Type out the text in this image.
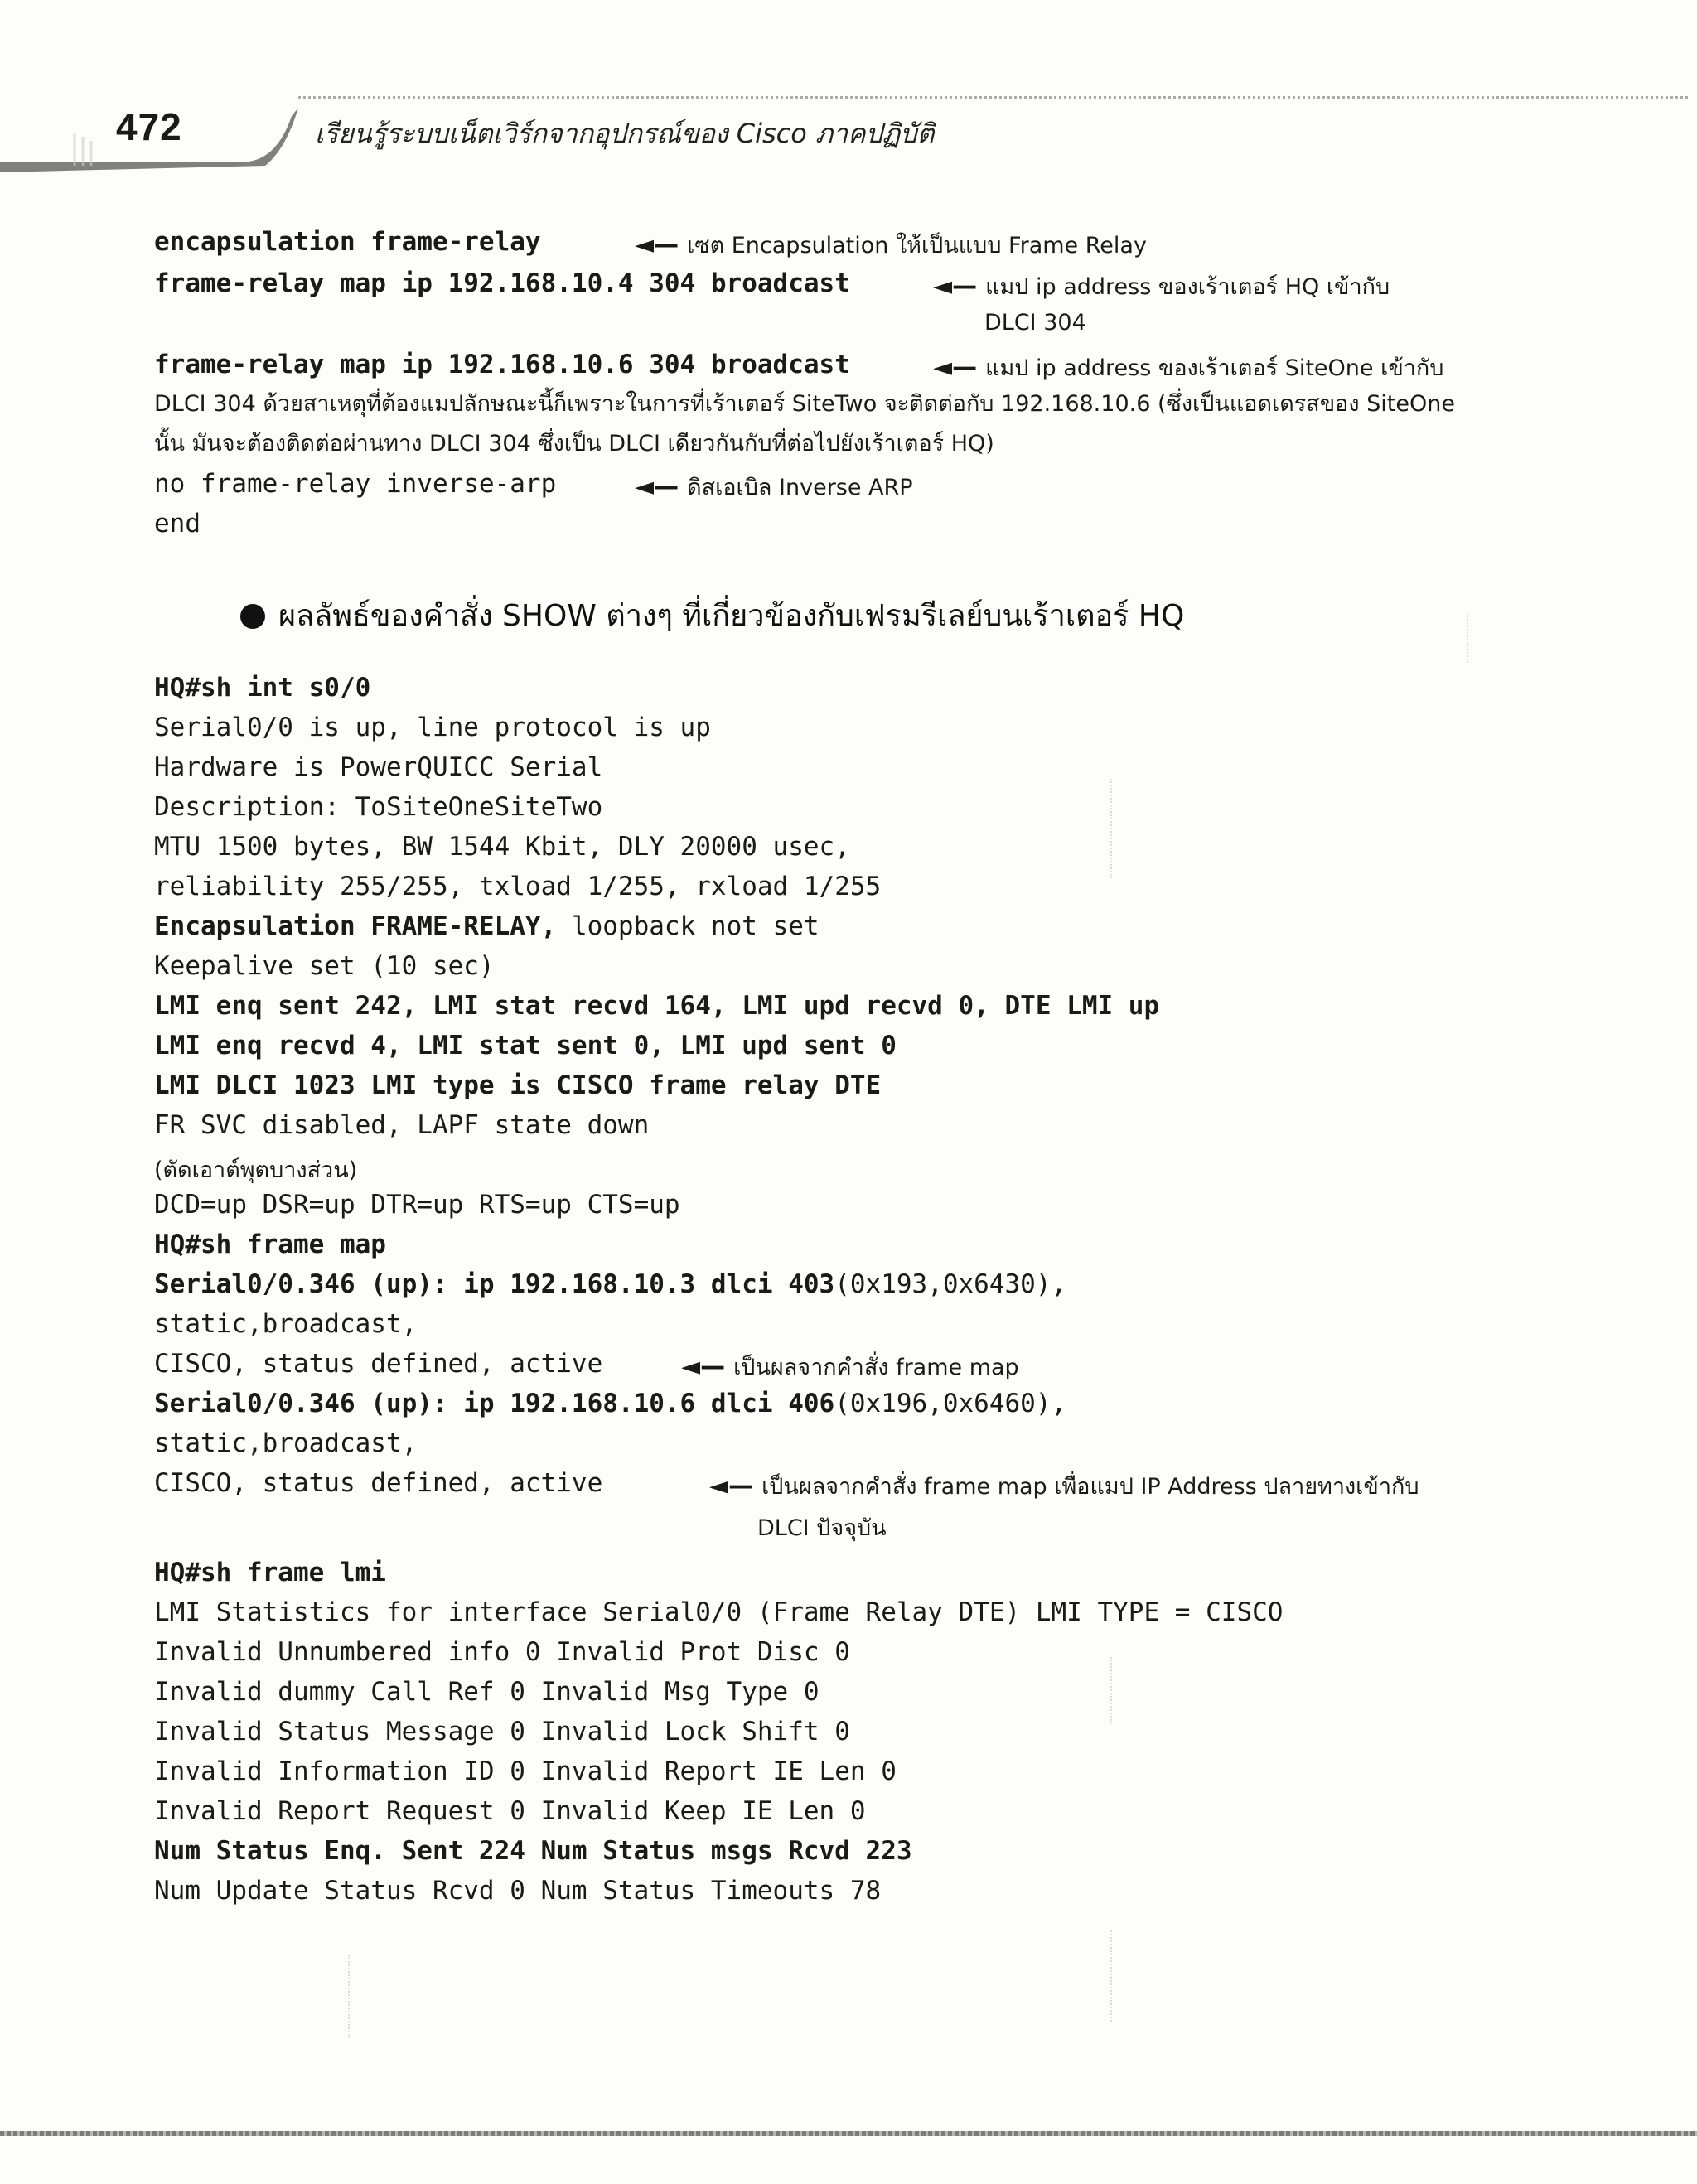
472	เรียนรู้ระบบเน็ตเวิร์กจากอุปกรณ์ของ Cisco ภาคปฏิบัติ
encapsulation frame-relay	◄— เซต Encapsulation ให้เป็นแบบ Frame Relay
frame-relay map ip 192.168.10.4 304 broadcast	◄— แมป ip address ของเร้าเตอร์ HQ เข้ากับ
DLCI 304
frame-relay map ip 192.168.10.6 304 broadcast	◄— แมป ip address ของเร้าเตอร์ SiteOne เข้ากับ
DLCI 304 ด้วยสาเหตุที่ต้องแมปลักษณะนี้ก็เพราะในการที่เร้าเตอร์ SiteTwo จะติดต่อกับ 192.168.10.6 (ซึ่งเป็นแอดเดรสของ SiteOne นั้น มันจะต้องติดต่อผ่านทาง DLCI 304 ซึ่งเป็น DLCI เดียวกันกับที่ต่อไปยังเร้าเตอร์ HQ)
no frame-relay inverse-arp	◄— ดิสเอเบิล Inverse ARP
end
ผลลัพธ์ของคำสั่ง SHOW ต่างๆ ที่เกี่ยวข้องกับเฟรมรีเลย์บนเร้าเตอร์ HQ
HQ#sh int s0/0
Serial0/0 is up, line protocol is up
Hardware is PowerQUICC Serial
Description: ToSiteOneSiteTwo
MTU 1500 bytes, BW 1544 Kbit, DLY 20000 usec,
reliability 255/255, txload 1/255, rxload 1/255
Encapsulation FRAME-RELAY, loopback not set
Keepalive set (10 sec)
LMI enq sent 242, LMI stat recvd 164, LMI upd recvd 0, DTE LMI up
LMI enq recvd 4, LMI stat sent 0, LMI upd sent 0
LMI DLCI 1023 LMI type is CISCO frame relay DTE
FR SVC disabled, LAPF state down
(ตัดเอาต์พุตบางส่วน)
DCD=up DSR=up DTR=up RTS=up CTS=up
HQ#sh frame map
Serial0/0.346 (up): ip 192.168.10.3 dlci 403(0x193,0x6430),
static,broadcast,
CISCO, status defined, active	◄— เป็นผลจากคำสั่ง frame map
Serial0/0.346 (up): ip 192.168.10.6 dlci 406(0x196,0x6460),
static,broadcast,
CISCO, status defined, active	◄— เป็นผลจากคำสั่ง frame map เพื่อแมป IP Address ปลายทางเข้ากับ
DLCI ปัจจุบัน
HQ#sh frame lmi
LMI Statistics for interface Serial0/0 (Frame Relay DTE) LMI TYPE = CISCO
Invalid Unnumbered info 0 Invalid Prot Disc 0
Invalid dummy Call Ref 0 Invalid Msg Type 0
Invalid Status Message 0 Invalid Lock Shift 0
Invalid Information ID 0 Invalid Report IE Len 0
Invalid Report Request 0 Invalid Keep IE Len 0
Num Status Enq. Sent 224 Num Status msgs Rcvd 223
Num Update Status Rcvd 0 Num Status Timeouts 78
